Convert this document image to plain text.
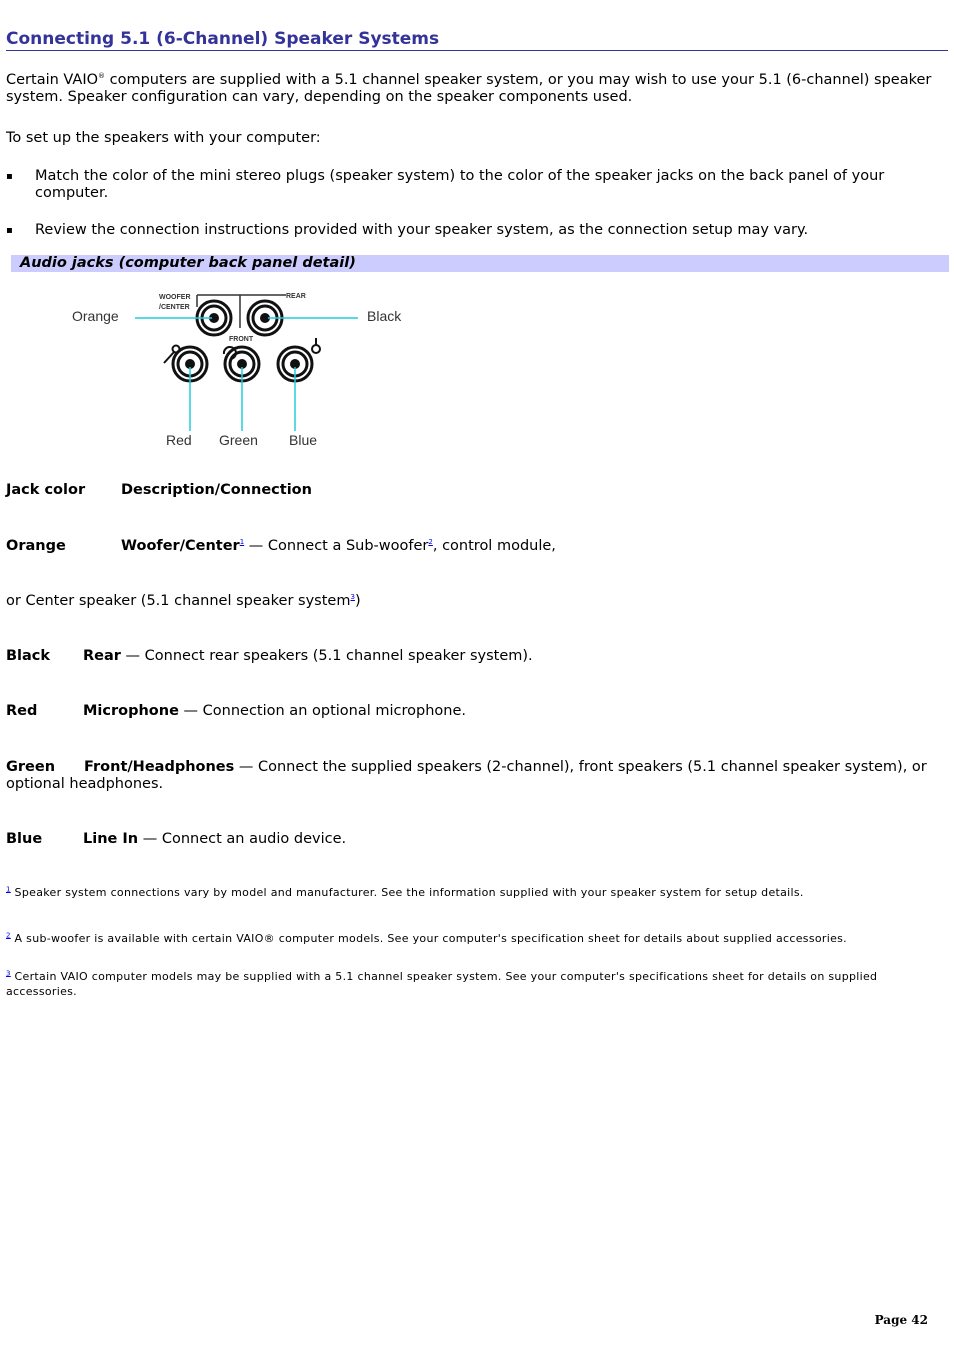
Connecting 5.1 (6-Channel) Speaker Systems

Certain VAIO® computers are supplied with a 5.1 channel speaker system, or you may wish to use your 5.1 (6-channel) speaker system. Speaker configuration can vary, depending on the speaker components used.

To set up the speakers with your computer:

▪	Match the color of the mini stereo plugs (speaker system) to the color of the speaker jacks on the back panel of your computer.
▪	Review the connection instructions provided with your speaker system, as the connection setup may vary.
Audio jacks (computer back panel detail)
Orange	Black
Red Green Blue
WOOFER
/CENTER
REAR
FRONT
Jack color Description/Connection
Orange	Woofer/Center$^1$ — Connect a Sub-woofer$^2$, control module,
or Center speaker (5.1 channel speaker system$^3$)
Black Rear — Connect rear speakers (5.1 channel speaker system).
Red	Microphone — Connection an optional microphone.
Green Front/Headphones — Connect the supplied speakers (2-channel), front speakers (5.1 channel speaker system), or optional headphones.
Blue	Line In — Connect an audio device.
$^1$ Speaker system connections vary by model and manufacturer. See the information supplied with your speaker system for setup details.
$^2$ A sub-woofer is available with certain VAIO® computer models. See your computer's specification sheet for details about supplied accessories.
$^3$ Certain VAIO computer models may be supplied with a 5.1 channel speaker system. See your computer's specifications sheet for details on supplied accessories.
Page 42
